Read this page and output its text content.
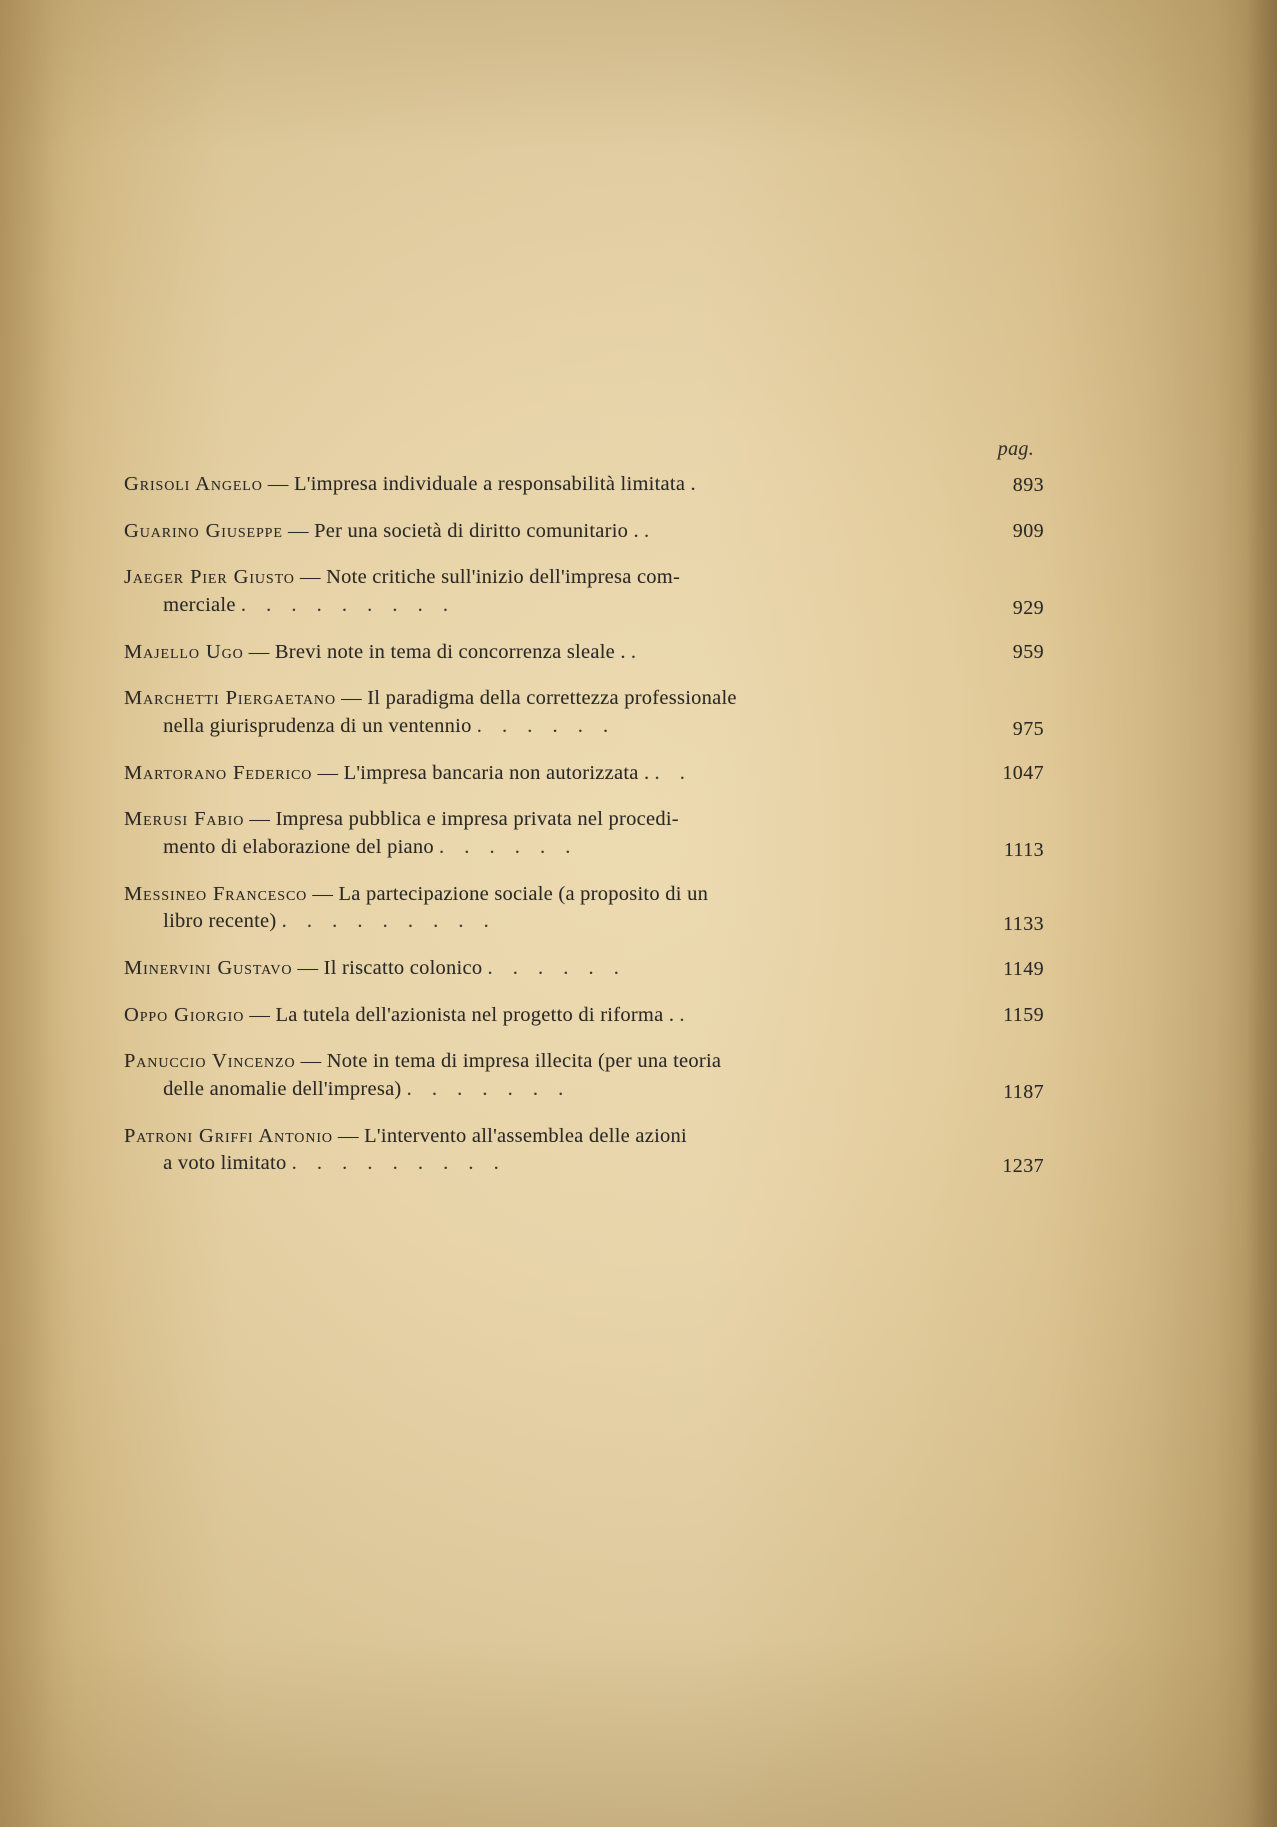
pag.
Grisoli Angelo — L'impresa individuale a responsabilità limitata .	893
Guarino Giuseppe — Per una società di diritto comunitario . .	909
Jaeger Pier Giusto — Note critiche sull'inizio dell'impresa com-
merciale . . . . . . . . .	929
Majello Ugo — Brevi note in tema di concorrenza sleale . .	959
Marchetti Piergaetano — Il paradigma della correttezza professionale
nella giurisprudenza di un ventennio . . . . . .	975
Martorano Federico — L'impresa bancaria non autorizzata . . .	1047
Merusi Fabio — Impresa pubblica e impresa privata nel procedi-
mento di elaborazione del piano . . . . . .	1113
Messineo Francesco — La partecipazione sociale (a proposito di un
libro recente) . . . . . . . . .	1133
Minervini Gustavo — Il riscatto colonico . . . . . .	1149
Oppo Giorgio — La tutela dell'azionista nel progetto di riforma . .	1159
Panuccio Vincenzo — Note in tema di impresa illecita (per una teoria
delle anomalie dell'impresa) . . . . . . .	1187
Patroni Griffi Antonio — L'intervento all'assemblea delle azioni
a voto limitato . . . . . . . . .	1237
